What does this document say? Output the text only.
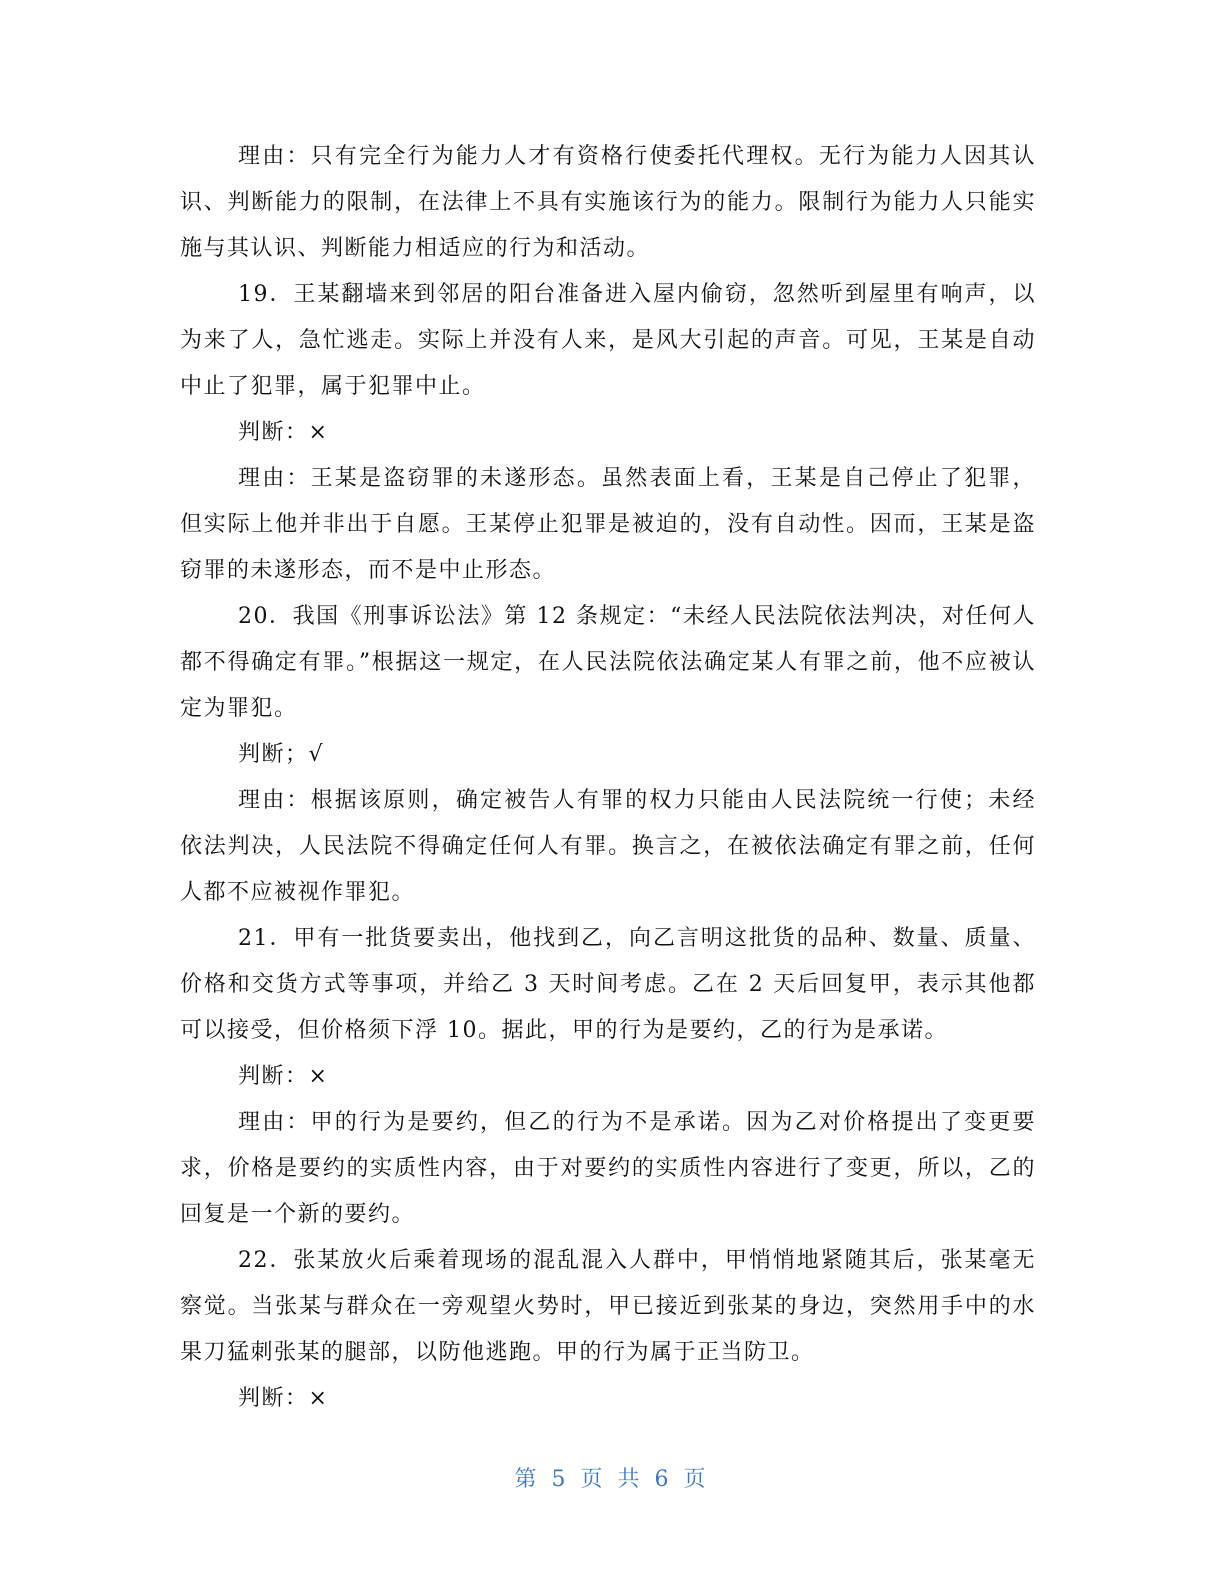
理由：只有完全行为能力人才有资格行使委托代理权。无行为能力人因其认识、判断能力的限制，在法律上不具有实施该行为的能力。限制行为能力人只能实施与其认识、判断能力相适应的行为和活动。

19．王某翻墙来到邻居的阳台准备进入屋内偷窃，忽然听到屋里有响声，以为来了人，急忙逃走。实际上并没有人来，是风大引起的声音。可见，王某是自动中止了犯罪，属于犯罪中止。

判断：×

理由：王某是盗窃罪的未遂形态。虽然表面上看，王某是自己停止了犯罪，但实际上他并非出于自愿。王某停止犯罪是被迫的，没有自动性。因而，王某是盗窃罪的未遂形态，而不是中止形态。

20．我国《刑事诉讼法》第 12 条规定：“未经人民法院依法判决，对任何人都不得确定有罪。”根据这一规定，在人民法院依法确定某人有罪之前，他不应被认定为罪犯。

判断；√

理由：根据该原则，确定被告人有罪的权力只能由人民法院统一行使；未经依法判决，人民法院不得确定任何人有罪。换言之，在被依法确定有罪之前，任何人都不应被视作罪犯。

21．甲有一批货要卖出，他找到乙，向乙言明这批货的品种、数量、质量、价格和交货方式等事项，并给乙 3 天时间考虑。乙在 2 天后回复甲，表示其他都可以接受，但价格须下浮 10。据此，甲的行为是要约，乙的行为是承诺。

判断：×

理由：甲的行为是要约，但乙的行为不是承诺。因为乙对价格提出了变更要求，价格是要约的实质性内容，由于对要约的实质性内容进行了变更，所以，乙的回复是一个新的要约。

22．张某放火后乘着现场的混乱混入人群中，甲悄悄地紧随其后，张某毫无察觉。当张某与群众在一旁观望火势时，甲已接近到张某的身边，突然用手中的水果刀猛刺张某的腿部，以防他逃跑。甲的行为属于正当防卫。

判断：×

第 5 页 共 6 页
